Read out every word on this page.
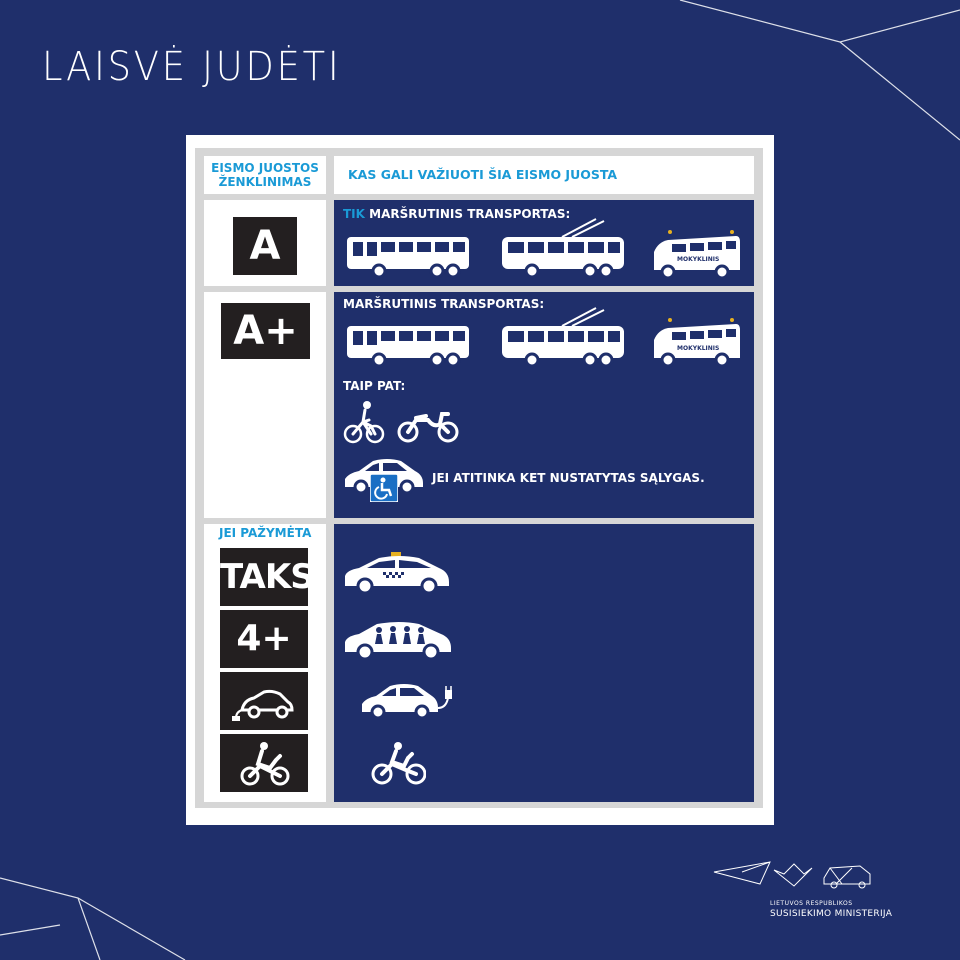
LAISVĖ JUDĖTI
EISMO JUOSTOS ŽENKLINIMAS	KAS GALI VAŽIUOTI ŠIA EISMO JUOSTA
A
TIK MARŠRUTINIS TRANSPORTAS:
A+
MARŠRUTINIS TRANSPORTAS:
TAIP PAT:
JEI ATITINKA KET NUSTATYTAS SĄLYGAS.
JEI PAŽYMĖTA
TAKSI
4+
MOKYKLINIS
MOKYKLINIS
LIETUVOS RESPUBLIKOS
SUSISIEKIMO MINISTERIJA
